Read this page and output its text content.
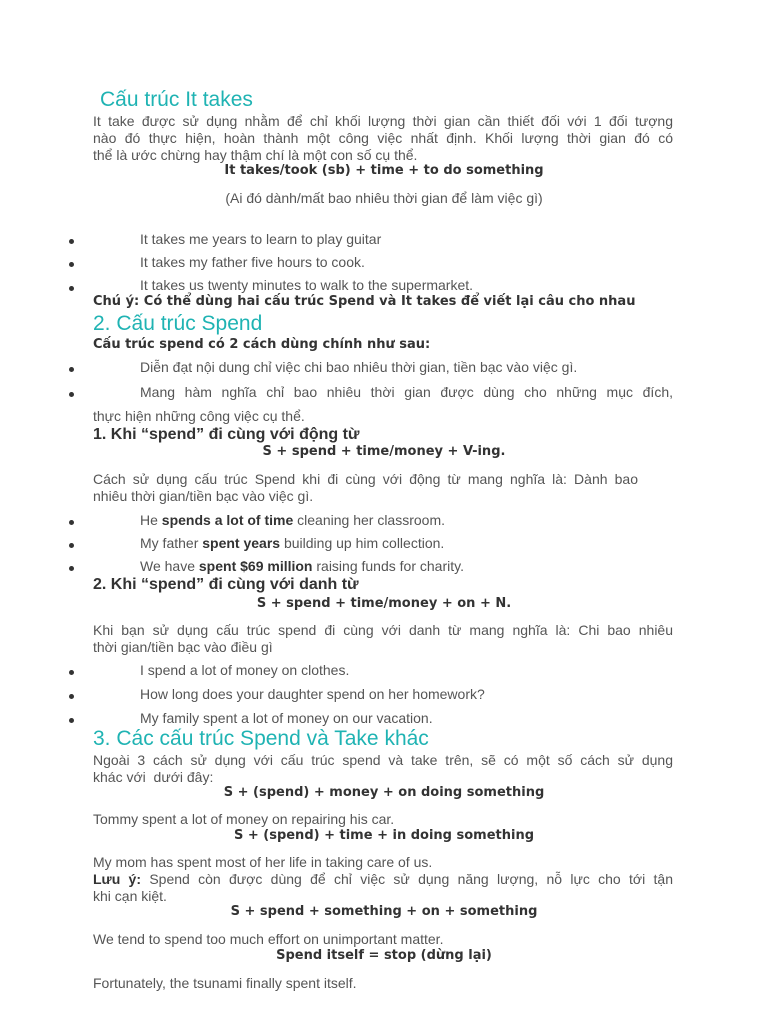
Cấu trúc It takes
It take được sử dụng nhằm để chỉ khối lượng thời gian cần thiết đối với 1 đối tượng
nào đó thực hiện, hoàn thành một công việc nhất định. Khối lượng thời gian đó có
thể là ước chừng hay thậm chí là một con số cụ thể.
It takes/took (sb) + time + to do something
(Ai đó dành/mất bao nhiêu thời gian để làm việc gì)
It takes me years to learn to play guitar
It takes my father five hours to cook.
It takes us twenty minutes to walk to the supermarket.
Chú ý: Có thể dùng hai cấu trúc Spend và It takes để viết lại câu cho nhau
2. Cấu trúc Spend
Cấu trúc spend có 2 cách dùng chính như sau:
Diễn đạt nội dung chỉ việc chi bao nhiêu thời gian, tiền bạc vào việc gì.
Mang hàm nghĩa chỉ bao nhiêu thời gian được dùng cho những mục đích,
thực hiện những công việc cụ thể.
1. Khi “spend” đi cùng với động từ
S + spend + time/money + V-ing.
Cách sử dụng cấu trúc Spend khi đi cùng với động từ mang nghĩa là: Dành bao
nhiêu thời gian/tiền bạc vào việc gì.
He spends a lot of time cleaning her classroom.
My father spent years building up him collection.
We have spent $69 million raising funds for charity.
2. Khi “spend” đi cùng với danh từ
S + spend + time/money + on + N.
Khi bạn sử dụng cấu trúc spend đi cùng với danh từ mang nghĩa là: Chi bao nhiêu
thời gian/tiền bạc vào điều gì
I spend a lot of money on clothes.
How long does your daughter spend on her homework?
My family spent a lot of money on our vacation.
3. Các cấu trúc Spend và Take khác
Ngoài 3 cách sử dụng với cấu trúc spend và take trên, sẽ có một số cách sử dụng
khác với  dưới đây:
S + (spend) + money + on doing something
Tommy spent a lot of money on repairing his car.
S + (spend) + time + in doing something
My mom has spent most of her life in taking care of us.
Lưu ý: Spend còn được dùng để chỉ việc sử dụng năng lượng, nỗ lực cho tới tận
khi cạn kiệt.
S + spend + something + on + something
We tend to spend too much effort on unimportant matter.
Spend itself = stop (dừng lại)
Fortunately, the tsunami finally spent itself.
